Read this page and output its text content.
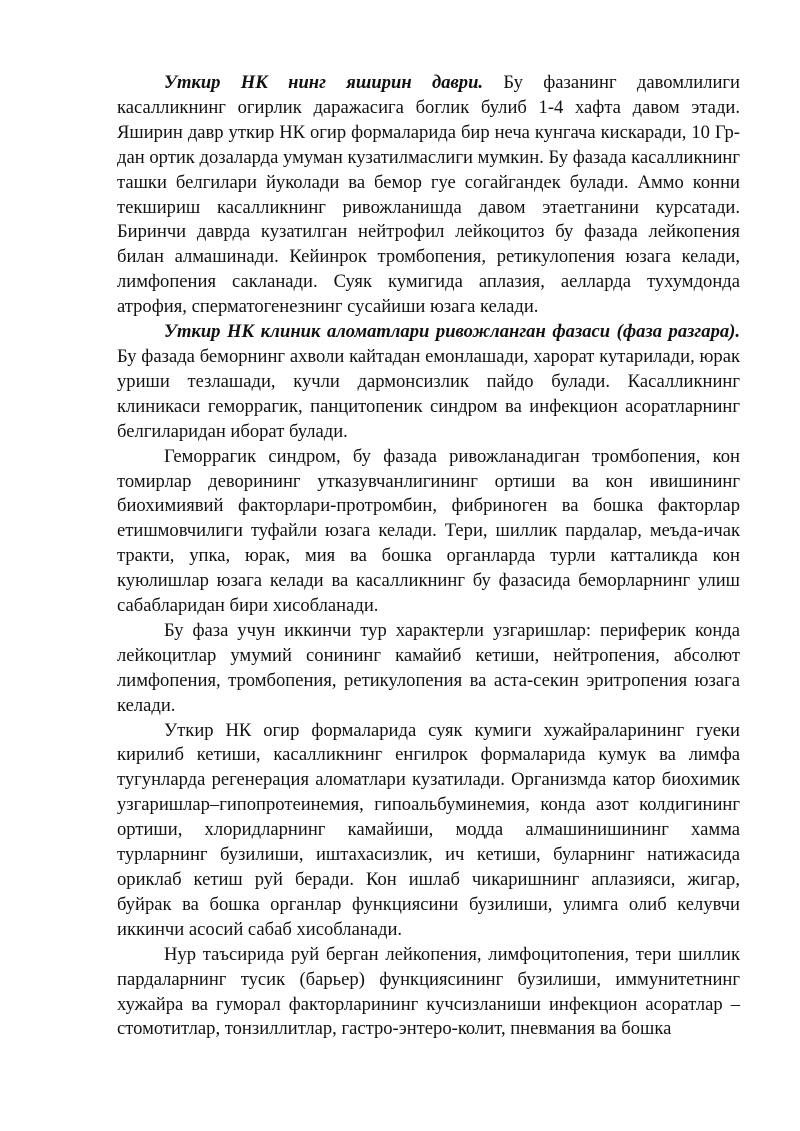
Уткир НК нинг яширин даври. Бу фазанинг давомлилиги касалликнинг огирлик даражасига боглик булиб 1-4 хафта давом этади. Яширин давр уткир НК огир формаларида бир неча кунгача кискаради, 10 Гр-дан ортик дозаларда умуман кузатилмаслиги мумкин. Бу фазада касалликнинг ташки белгилари йуколади ва бемор гуе согайгандек булади. Аммо конни текшириш касалликнинг ривожланишда давом этаетганини курсатади. Биринчи даврда кузатилган нейтрофил лейкоцитоз бу фазада лейкопения билан алмашинади. Кейинрок тромбопения, ретикулопения юзага келади, лимфопения сакланади. Суяк кумигида аплазия, аелларда тухумдонда атрофия, сперматогенезнинг сусайиши юзага келади.

Уткир НК клиник аломатлари ривожланган фазаси (фаза разгара). Бу фазада беморнинг ахволи кайтадан емонлашади, харорат кутарилади, юрак уриши тезлашади, кучли дармонсизлик пайдо булади. Касалликнинг клиникаси геморрагик, панцитопеник синдром ва инфекцион асоратларнинг белгиларидан иборат булади.

Геморрагик синдром, бу фазада ривожланадиган тромбопения, кон томирлар деворининг утказувчанлигининг ортиши ва кон ивишининг биохимиявий факторлари-протромбин, фибриноген ва бошка факторлар етишмовчилиги туфайли юзага келади. Тери, шиллик пардалар, меъда-ичак тракти, упка, юрак, мия ва бошка органларда турли катталикда кон куюлишлар юзага келади ва касалликнинг бу фазасида беморларнинг улиш сабабларидан бири хисобланади.

Бу фаза учун иккинчи тур характерли узгаришлар: периферик конда лейкоцитлар умумий сонининг камайиб кетиши, нейтропения, абсолют лимфопения, тромбопения, ретикулопения ва аста-секин эритропения юзага келади.

Уткир НК огир формаларида суяк кумиги хужайраларининг гуеки кирилиб кетиши, касалликнинг енгилрок формаларида кумук ва лимфа тугунларда регенерация аломатлари кузатилади. Организмда катор биохимик узгаришлар–гипопротеинемия, гипоальбуминемия, конда азот колдигининг ортиши, хлоридларнинг камайиши, модда алмашинишининг хамма турларнинг бузилиши, иштахасизлик, ич кетиши, буларнинг натижасида ориклаб кетиш руй беради. Кон ишлаб чикаришнинг аплазияси, жигар, буйрак ва бошка органлар функциясини бузилиши, улимга олиб келувчи иккинчи асосий сабаб хисобланади.

Нур таъсирида руй берган лейкопения, лимфоцитопения, тери шиллик пардаларнинг тусик (барьер) функциясининг бузилиши, иммунитетнинг хужайра ва гуморал факторларининг кучсизланиши инфекцион асоратлар – стомотитлар, тонзиллитлар, гастро-энтеро-колит, пневмания ва бошка
